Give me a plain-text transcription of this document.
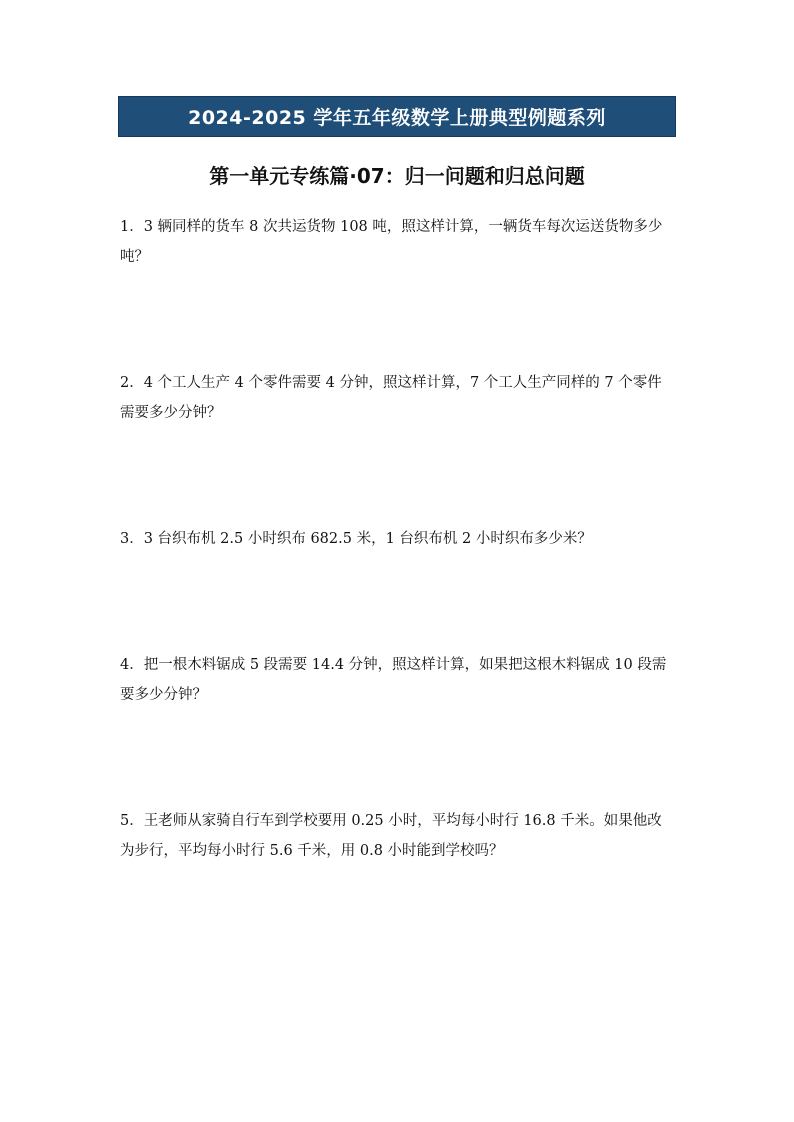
2024-2025 学年五年级数学上册典型例题系列
第一单元专练篇·07：归一问题和归总问题
1．3 辆同样的货车 8 次共运货物 108 吨，照这样计算，一辆货车每次运送货物多少吨？
2．4 个工人生产 4 个零件需要 4 分钟，照这样计算，7 个工人生产同样的 7 个零件需要多少分钟？
3．3 台织布机 2.5 小时织布 682.5 米，1 台织布机 2 小时织布多少米？
4．把一根木料锯成 5 段需要 14.4 分钟，照这样计算，如果把这根木料锯成 10 段需要多少分钟？
5．王老师从家骑自行车到学校要用 0.25 小时，平均每小时行 16.8 千米。如果他改为步行，平均每小时行 5.6 千米，用 0.8 小时能到学校吗？
